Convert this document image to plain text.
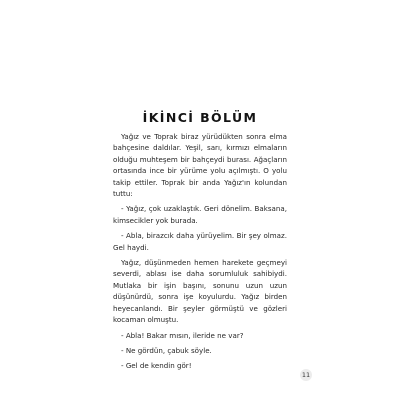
İKİNCİ BÖLÜM

Yağız ve Toprak biraz yürüdükten sonra elma bahçesine daldılar. Yeşil, sarı, kırmızı elmaların olduğu muhteşem bir bahçeydi burası. Ağaçların ortasında ince bir yürüme yolu açılmıştı. O yolu takip ettiler. Toprak bir anda Yağız'ın kolundan tuttu:

- Yağız, çok uzaklaştık. Geri dönelim. Baksana, kimsecikler yok burada.

- Abla, birazcık daha yürüyelim. Bir şey olmaz. Gel haydi.

Yağız, düşünmeden hemen harekete geçmeyi severdi, ablası ise daha sorumluluk sahibiydi. Mutlaka bir işin başını, sonunu uzun uzun düşünürdü, sonra işe koyulurdu. Yağız birden heyecanlandı. Bir şeyler görmüştü ve gözleri kocaman olmuştu.

- Abla! Bakar mısın, ileride ne var?

- Ne gördün, çabuk söyle.

- Gel de kendin gör!

11
